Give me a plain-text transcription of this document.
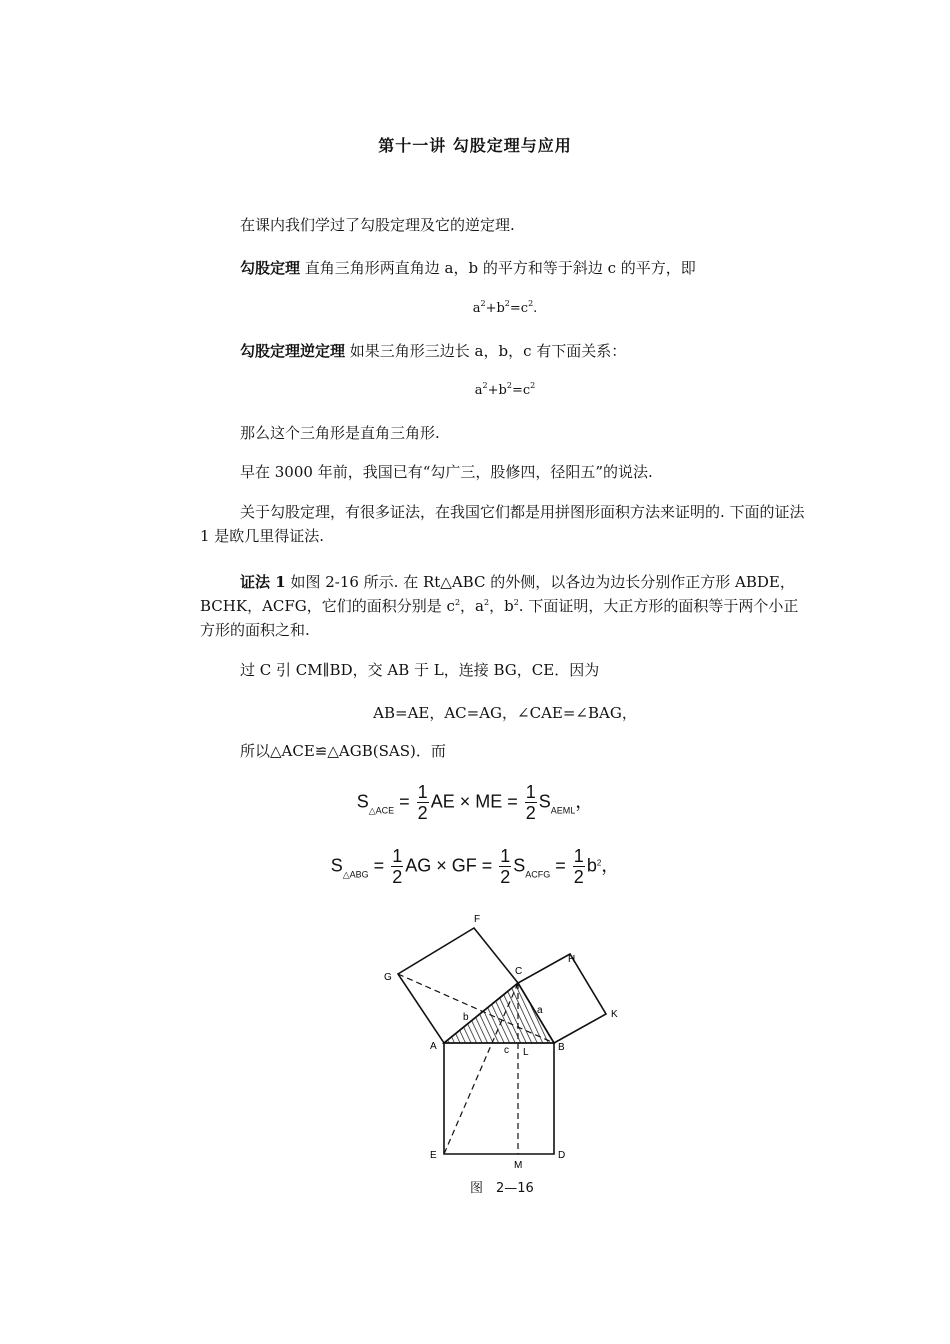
第十一讲 勾股定理与应用
在课内我们学过了勾股定理及它的逆定理.
勾股定理 直角三角形两直角边 a，b 的平方和等于斜边 c 的平方，即
$a^2+b^2=c^2$.
勾股定理逆定理 如果三角形三边长 a，b，c 有下面关系：
$a^2+b^2=c^2$
那么这个三角形是直角三角形.
早在 3000 年前，我国已有“勾广三，股修四，径阳五”的说法.
关于勾股定理，有很多证法，在我国它们都是用拼图形面积方法来证明的. 下面的证法 1 是欧几里得证法.
证法 1 如图 2-16 所示. 在 Rt△ABC 的外侧，以各边为边长分别作正方形 ABDE，BCHK，ACFG，它们的面积分别是 $c^2$，$a^2$，$b^2$. 下面证明，大正方形的面积等于两个小正方形的面积之和.
过 C 引 CM∥BD，交 AB 于 L，连接 BG，CE．因为
AB=AE，AC=AG，∠CAE=∠BAG，
所以△ACE≌△AGB(SAS)．而
$S_{\triangle ACE} = \frac{1}{2}$ AE × ME = $\frac{1}{2} S_{AEML}$，
$S_{\triangle ABG} = \frac{1}{2}$ AG × GF = $\frac{1}{2} S_{ACFG} = \frac{1}{2} b^2$，
F
G
C
H
K
b
a
A	c L	B
E
M
D
图　2—16
